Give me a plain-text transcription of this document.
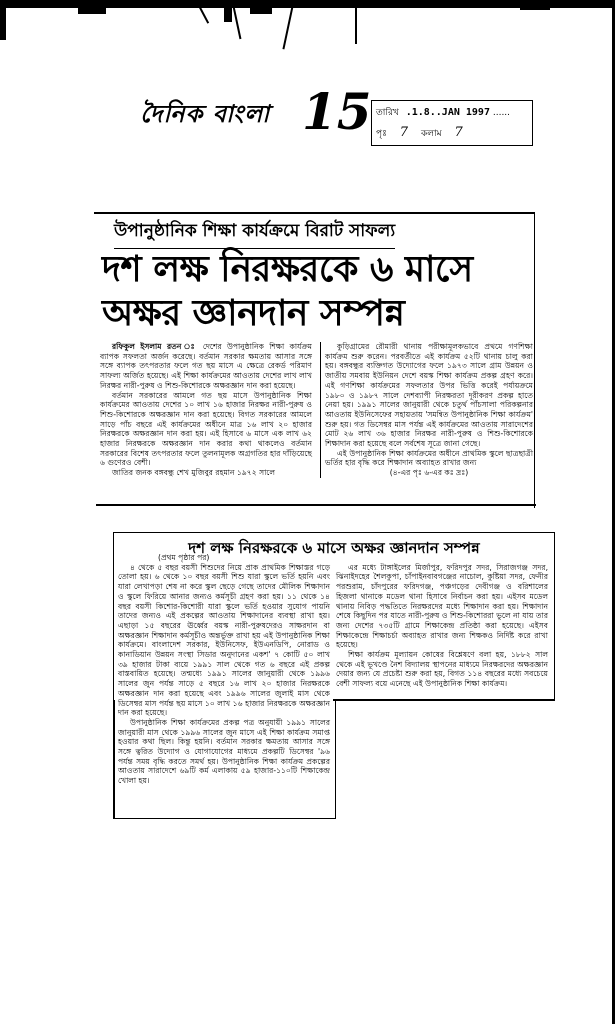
দৈনিক বাংলা 15 তারিখ .1.8..JAN 1997 ......
পৃঃ 7 কলাম 7
উপানুষ্ঠানিক শিক্ষা কার্যক্রমে বিরাট সাফল্য
দশ লক্ষ নিরক্ষরকে ৬ মাসে
অক্ষর জ্ঞানদান সম্পন্ন

রফিকুল ইসলাম রতন ঃ দেশের উপানুষ্ঠানিক শিক্ষা কার্যক্রম ব্যাপক সফলতা অর্জন করেছে। বর্তমান সরকার ক্ষমতায় আসার সঙ্গে সঙ্গে ব্যাপক তৎপরতার ফলে গত ছয় মাসে এ ক্ষেত্রে রেকর্ড পরিমাণ সাফল্য অর্জিত হয়েছে। এই শিক্ষা কার্যক্রমের আওতায় দেশের লাখ লাখ নিরক্ষর নারী-পুরুষ ও শিশু-কিশোরকে অক্ষরজ্ঞান দান করা হয়েছে।

বর্তমান সরকারের আমলে গত ছয় মাসে উপানুষ্ঠানিক শিক্ষা কার্যক্রমের আওতায় দেশের ১০ লাখ ১৬ হাজার নিরক্ষর নারী-পুরুষ ও শিশু-কিশোরকে অক্ষরজ্ঞান দান করা হয়েছে। বিগত সরকারের আমলে সাড়ে পাঁচ বছরে এই কার্যক্রমের অধীনে মাত্র ১৬ লাখ ২০ হাজার নিরক্ষরকে অক্ষরজ্ঞান দান করা হয়। এই হিসাবে ৬ মাসে এক লাখ ৬২ হাজার নিরক্ষরকে অক্ষরজ্ঞান দান করার কথা থাকলেও বর্তমান সরকারের বিশেষ তৎপরতার ফলে তুলনামূলক অগ্রগতির হার দাঁড়িয়েছে ৬ গুণেরও বেশী।

জাতির জনক বঙ্গবন্ধু শেখ মুজিবুর রহমান ১৯৭২ সালে

কুড়িগ্রামের রৌমারী থানায় পরীক্ষামূলকভাবে প্রথমে গণশিক্ষা কার্যক্রম শুরু করেন। পরবর্তীতে এই কার্যক্রম ৫২টি থানায় চালু করা হয়। বঙ্গবন্ধুর ব্যক্তিগত উদ্যোগের ফলে ১৯৭৩ সালে গ্রাম উন্নয়ন ও জাতীয় সমবায় ইউনিয়ন দেশে বয়স্ক শিক্ষা কার্যক্রম প্রকল্প গ্রহণ করে। এই গণশিক্ষা কার্যক্রমের সফলতার উপর ভিত্তি করেই পর্যায়ক্রমে ১৯৮০ ও ১৯৮৭ সালে দেশব্যাপী নিরক্ষরতা দূরীকরণ প্রকল্প হাতে নেয়া হয়। ১৯৯১ সালের জানুয়ারী থেকে চতুর্থ পাঁচসালা পরিকল্পনার আওতায় ইউনিসেফের সহায়তায় 'সমন্বিত উপানুষ্ঠানিক শিক্ষা কার্যক্রম' শুরু হয়। গত ডিসেম্বর মাস পর্যন্ত এই কার্যক্রমের আওতায় সারাদেশের মোট ২৬ লাখ ৩৬ হাজার নিরক্ষর নারী-পুরুষ ও শিশু-কিশোরকে শিক্ষাদান করা হয়েছে বলে সর্বশেষ সূত্রে জানা গেছে।

এই উপানুষ্ঠানিক শিক্ষা কার্যক্রমের অধীনে প্রাথমিক স্কুলে ছাত্রছাত্রী ভর্তির হার বৃদ্ধি করে শিক্ষাদান অব্যাহত রাখার জন্য

(৪-এর পৃঃ ৬-এর কঃ দ্রঃ)

দশ লক্ষ নিরক্ষরকে ৬ মাসে অক্ষর জ্ঞানদান সম্পন্ন

(প্রথম পৃষ্ঠার পর)

৪ থেকে ৫ বছর বয়সী শিশুদের নিয়ে প্রাক প্রাথমিক শিক্ষাস্তর গড়ে তোলা হয়। ৬ থেকে ১০ বছর বয়সী শিশু যারা স্কুলে ভর্তি হয়নি এবং যারা লেখাপড়া শেষ না করে স্কুল ছেড়ে গেছে তাদের মৌলিক শিক্ষাদান ও স্কুলে ফিরিয়ে আনার জন্যও কর্মসূচী গ্রহণ করা হয়। ১১ থেকে ১৪ বছর বয়সী কিশোর-কিশোরী যারা স্কুলে ভর্তি হওয়ার সুযোগ পায়নি তাদের জন্যও এই প্রকল্পের আওতায় শিক্ষাদানের ব্যবস্থা রাখা হয়। এছাড়া ১৫ বছরের ঊর্ধ্বের বয়স্ক নারী-পুরুষদেরও সাক্ষরদান বা অক্ষরজ্ঞান শিক্ষাদান কর্মসূচীও অন্তর্ভুক্ত রাখা হয় এই উপানুষ্ঠানিক শিক্ষা কার্যক্রমে। বাংলাদেশ সরকার, ইউনিসেফ, ইউএনডিপি, নোরাড ও কানাডিয়ান উন্নয়ন সংস্থা সিডার অনুদানের একশ' ৭ কোটি ৫০ লাখ ৩৯ হাজার টাকা ব্যয়ে ১৯৯১ সাল থেকে গত ৬ বছরে এই প্রকল্প বাস্তবায়িত হয়েছে। তন্মধ্যে ১৯৯১ সালের জানুয়ারী থেকে ১৯৯৬ সালের জুন পর্যন্ত সাড়ে ৫ বছরে ১৬ লাখ ২০ হাজার নিরক্ষরকে অক্ষরজ্ঞান দান করা হয়েছে এবং ১৯৯৬ সালের জুলাই মাস থেকে ডিসেম্বর মাস পর্যন্ত ছয় মাসে ১০ লাখ ১৬ হাজার নিরক্ষরকে অক্ষরজ্ঞান দান করা হয়েছে।

উপানুষ্ঠানিক শিক্ষা কার্যক্রমের প্রকল্প পত্র অনুযায়ী ১৯৯১ সালের জানুয়ারী মাস থেকে ১৯৯৬ সালের জুন মাসে এই শিক্ষা কার্যক্রম সমাপ্ত হওয়ার কথা ছিল। কিন্তু হয়নি। বর্তমান সরকার ক্ষমতায় আসার সঙ্গে সঙ্গে ত্বরিত উদ্যোগ ও যোগাযোগের মাধ্যমে প্রকল্পটি ডিসেম্বর '৯৬ পর্যন্ত সময় বৃদ্ধি করতে সমর্থ হয়। উপানুষ্ঠানিক শিক্ষা কার্যক্রম প্রকল্পের আওতায় সারাদেশে ৬৯টি কর্ম এলাকায় ৫৯ হাজার-১১০টি শিক্ষাকেন্দ্র খোলা হয়।

এর মধ্যে টাঙ্গাইলের মির্জাপুর, ফরিদপুর সদর, সিরাজগঞ্জ সদর, ঝিনাইদহের শৈলকুপা, চাঁপাইনবাবগঞ্জের নাচোল, কুষ্টিয়া সদর, ফেনীর পরশুরাম, চাঁদপুরের ফরিদগঞ্জ, পঞ্চগড়ের দেবীগঞ্জ ও বরিশালের হিজলা থানাকে মডেল থানা হিসাবে নির্বাচন করা হয়। এইসব মডেল থানায় নিবিড় পদ্ধতিতে নিরক্ষরদের মধ্যে শিক্ষাদান করা হয়। শিক্ষাদান শেষে কিছুদিন পর যাতে নারী-পুরুষ ও শিশু-কিশোররা ভুলে না যায় তার জন্য দেশের ৭৩৫টি গ্রামে শিক্ষাকেন্দ্র প্রতিষ্ঠা করা হয়েছে। এইসব শিক্ষাকেন্দ্রে শিক্ষাচর্চা অব্যাহত রাখার জন্য শিক্ষকও নির্দিষ্ট করে রাখা হয়েছে।

শিক্ষা কার্যক্রম মূল্যায়ন কোষের বিশ্লেষণে বলা হয়, ১৮৮২ সাল থেকে এই ভূখণ্ডে নৈশ বিদ্যালয় স্থাপনের মাধ্যমে নিরক্ষরদের অক্ষরজ্ঞান দেয়ার জন্য যে প্রচেষ্টা শুরু করা হয়, বিগত ১১৪ বছরের মধ্যে সবচেয়ে বেশী সাফল্য বয়ে এনেছে এই উপানুষ্ঠানিক শিক্ষা কার্যক্রম।
